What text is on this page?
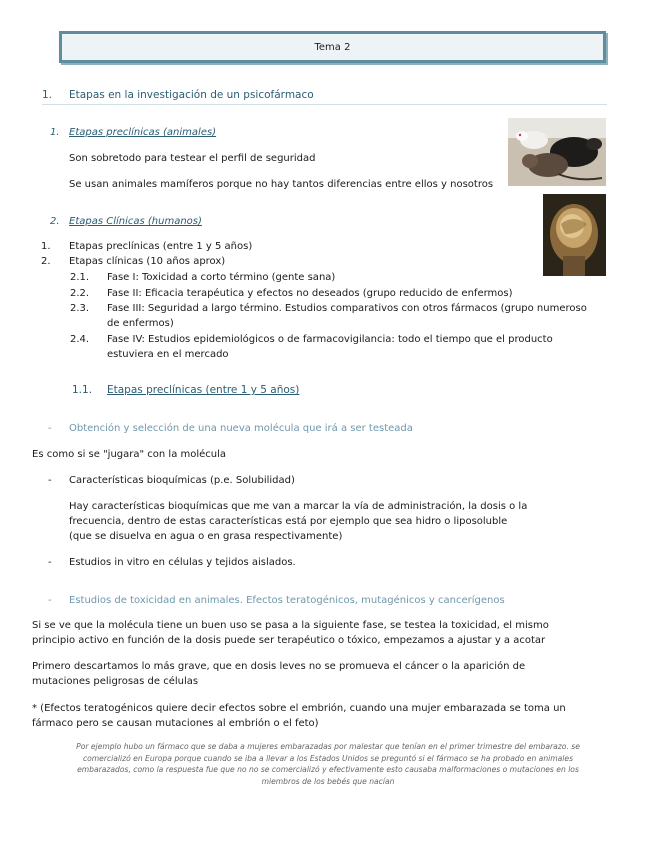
Tema 2
1. Etapas en la investigación de un psicofármaco
1. Etapas preclínicas (animales)
Son sobretodo para testear el perfil de seguridad
Se usan animales mamíferos porque no hay tantos diferencias entre ellos y nosotros
2. Etapas Clínicas (humanos)
1. Etapas preclínicas (entre 1 y 5 años)
2. Etapas clínicas (10 años aprox)
2.1. Fase I: Toxicidad a corto término (gente sana)
2.2. Fase II: Eficacia terapéutica y efectos no deseados (grupo reducido de enfermos)
2.3. Fase III: Seguridad a largo término. Estudios comparativos con otros fármacos (grupo numeroso
de enfermos)
2.4. Fase IV: Estudios epidemiológicos o de farmacovigilancia: todo el tiempo que el producto
estuviera en el mercado
1.1. Etapas preclínicas (entre 1 y 5 años)
- Obtención y selección de una nueva molécula que irá a ser testeada
Es como si se "jugara" con la molécula
- Características bioquímicas (p.e. Solubilidad)
Hay características bioquímicas que me van a marcar la vía de administración, la dosis o la
frecuencia, dentro de estas características está por ejemplo que sea hidro o liposoluble
(que se disuelva en agua o en grasa respectivamente)
- Estudios in vitro en células y tejidos aislados.
- Estudios de toxicidad en animales. Efectos teratogénicos, mutagénicos y cancerígenos
Si se ve que la molécula tiene un buen uso se pasa a la siguiente fase, se testea la toxicidad, el mismo
principio activo en función de la dosis puede ser terapéutico o tóxico, empezamos a ajustar y a acotar
Primero descartamos lo más grave, que en dosis leves no se promueva el cáncer o la aparición de
mutaciones peligrosas de células
* (Efectos teratogénicos quiere decir efectos sobre el embrión, cuando una mujer embarazada se toma un
fármaco pero se causan mutaciones al embrión o el feto)
Por ejemplo hubo un fármaco que se daba a mujeres embarazadas por malestar que tenían en el primer trimestre del embarazo. se
comercializó en Europa porque cuando se iba a llevar a los Estados Unidos se preguntó si el fármaco se ha probado en animales
embarazados, como la respuesta fue que no no se comercializó y efectivamente esto causaba malformaciones o mutaciones en los
miembros de los bebés que nacían
